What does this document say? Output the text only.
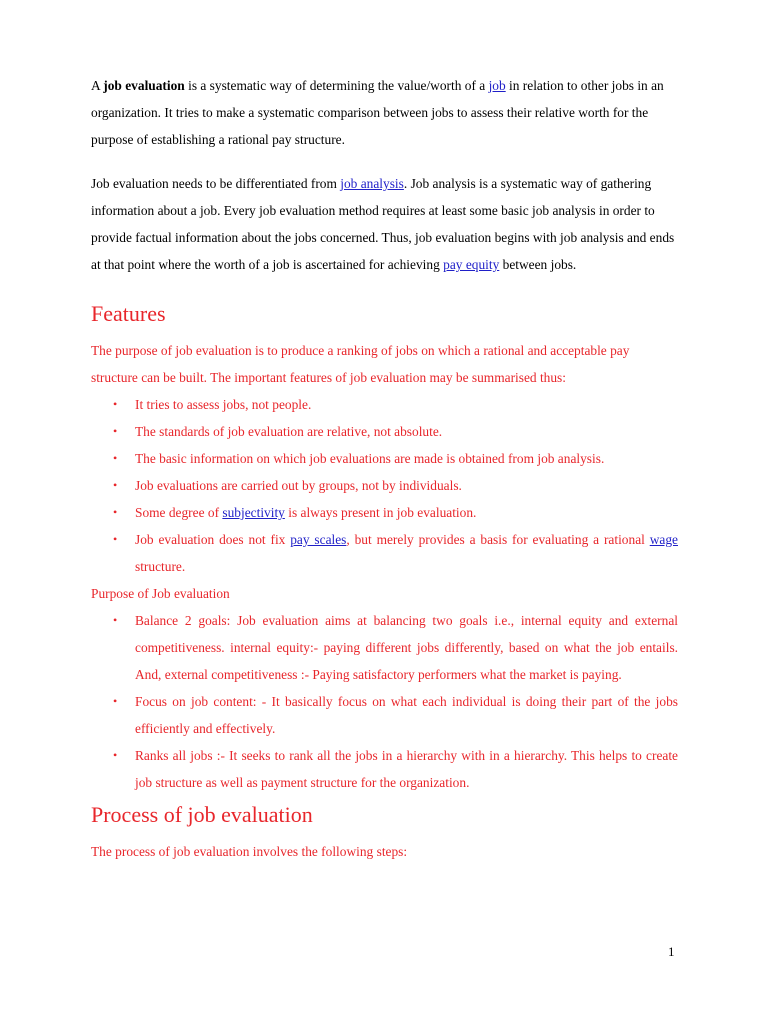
A job evaluation is a systematic way of determining the value/worth of a job in relation to other jobs in an organization. It tries to make a systematic comparison between jobs to assess their relative worth for the purpose of establishing a rational pay structure.

Job evaluation needs to be differentiated from job analysis. Job analysis is a systematic way of gathering information about a job. Every job evaluation method requires at least some basic job analysis in order to provide factual information about the jobs concerned. Thus, job evaluation begins with job analysis and ends at that point where the worth of a job is ascertained for achieving pay equity between jobs.

Features

The purpose of job evaluation is to produce a ranking of jobs on which a rational and acceptable pay structure can be built. The important features of job evaluation may be summarised thus:

• It tries to assess jobs, not people.
• The standards of job evaluation are relative, not absolute.
• The basic information on which job evaluations are made is obtained from job analysis.
• Job evaluations are carried out by groups, not by individuals.
• Some degree of subjectivity is always present in job evaluation.
• Job evaluation does not fix pay scales, but merely provides a basis for evaluating a rational wage structure.

Purpose of Job evaluation

• Balance 2 goals: Job evaluation aims at balancing two goals i.e., internal equity and external competitiveness. internal equity:- paying different jobs differently, based on what the job entails. And, external competitiveness :- Paying satisfactory performers what the market is paying.
• Focus on job content: - It basically focus on what each individual is doing their part of the jobs efficiently and effectively.
• Ranks all jobs :- It seeks to rank all the jobs in a hierarchy with in a hierarchy. This helps to create job structure as well as payment structure for the organization.
Process of job evaluation

The process of job evaluation involves the following steps:

1
